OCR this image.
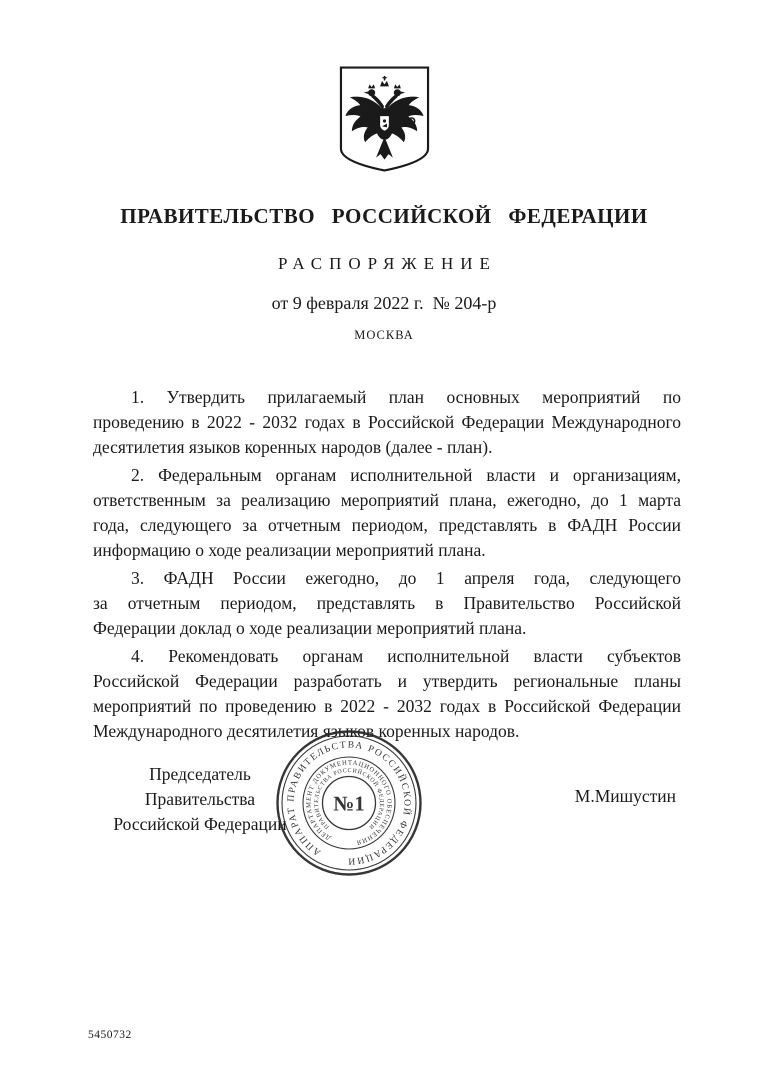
ПРАВИТЕЛЬСТВО РОССИЙСКОЙ ФЕДЕРАЦИИ
РАСПОРЯЖЕНИЕ
от 9 февраля 2022 г.  № 204-р
МОСКВА
1. Утвердить прилагаемый план основных мероприятий по
проведению в 2022 - 2032 годах в Российской Федерации Международного
десятилетия языков коренных народов (далее - план).
2. Федеральным органам исполнительной власти и организациям,
ответственным за реализацию мероприятий плана, ежегодно, до 1 марта
года, следующего за отчетным периодом, представлять в ФАДН России
информацию о ходе реализации мероприятий плана.
3. ФАДН России ежегодно, до 1 апреля года, следующего
за отчетным периодом, представлять в Правительство Российской
Федерации доклад о ходе реализации мероприятий плана.
4. Рекомендовать органам исполнительной власти субъектов
Российской Федерации разработать и утвердить региональные планы
мероприятий по проведению в 2022 - 2032 годах в Российской Федерации
Международного десятилетия языков коренных народов.
Председатель Правительства
Российской Федерации
М.Мишустин
АППАРАТ ПРАВИТЕЛЬСТВА РОССИЙСКОЙ ФЕДЕРАЦИИ
ДЕПАРТАМЕНТ ДОКУМЕНТАЦИОННОГО ОБЕСПЕЧЕНИЯ
ПРАВИТЕЛЬСТВА РОССИЙСКОЙ ФЕДЕРАЦИИ
№1
5450732
